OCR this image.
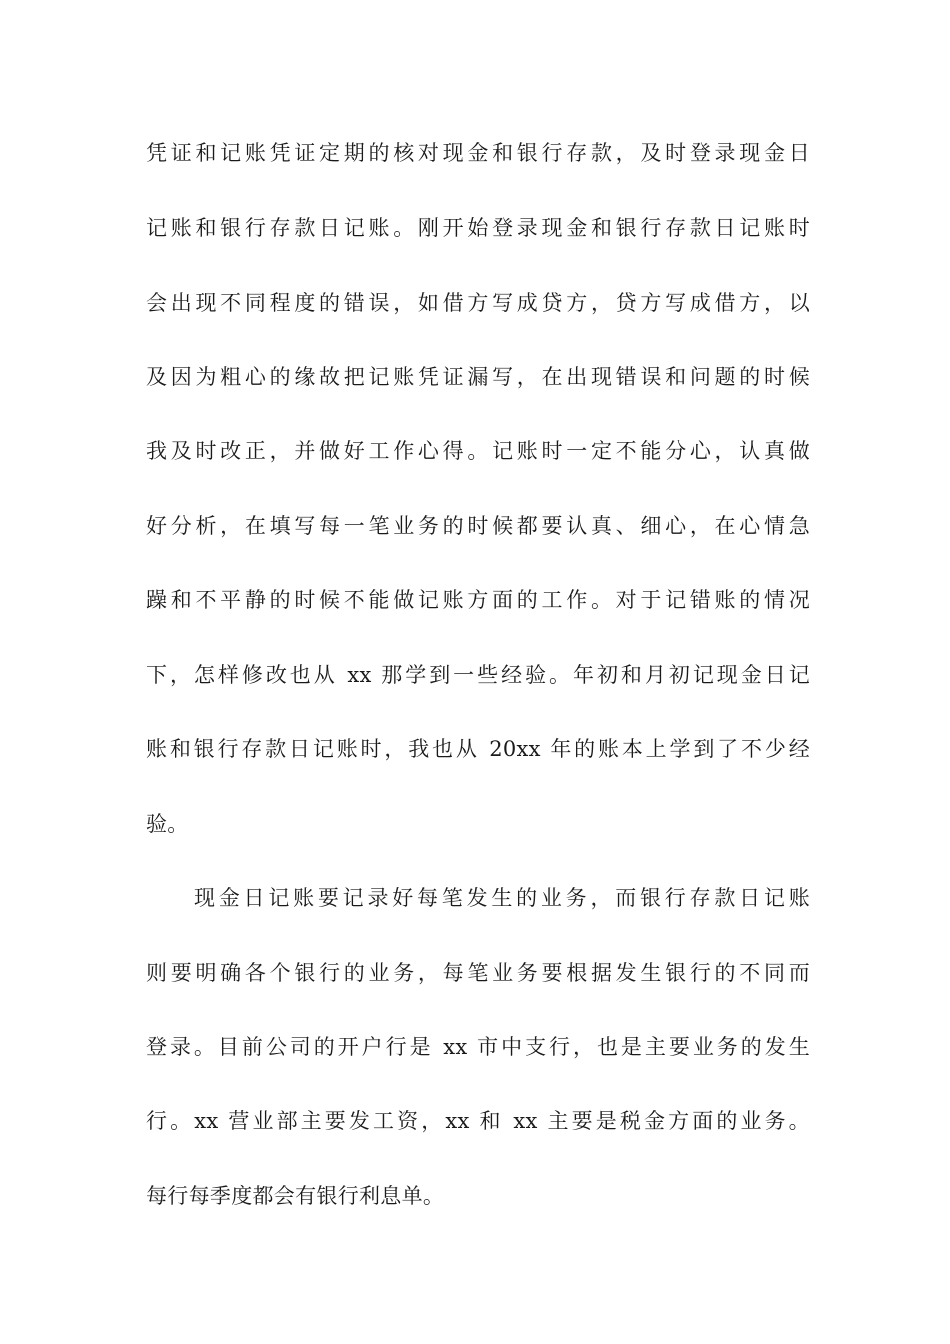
凭证和记账凭证定期的核对现金和银行存款，及时登录现金日
记账和银行存款日记账。刚开始登录现金和银行存款日记账时
会出现不同程度的错误，如借方写成贷方，贷方写成借方，以
及因为粗心的缘故把记账凭证漏写，在出现错误和问题的时候
我及时改正，并做好工作心得。记账时一定不能分心，认真做
好分析，在填写每一笔业务的时候都要认真、细心，在心情急
躁和不平静的时候不能做记账方面的工作。对于记错账的情况
下，怎样修改也从 xx 那学到一些经验。年初和月初记现金日记
账和银行存款日记账时，我也从 20xx 年的账本上学到了不少经
验。
现金日记账要记录好每笔发生的业务，而银行存款日记账
则要明确各个银行的业务，每笔业务要根据发生银行的不同而
登录。目前公司的开户行是 xx 市中支行，也是主要业务的发生
行。xx 营业部主要发工资，xx 和 xx 主要是税金方面的业务。
每行每季度都会有银行利息单。
